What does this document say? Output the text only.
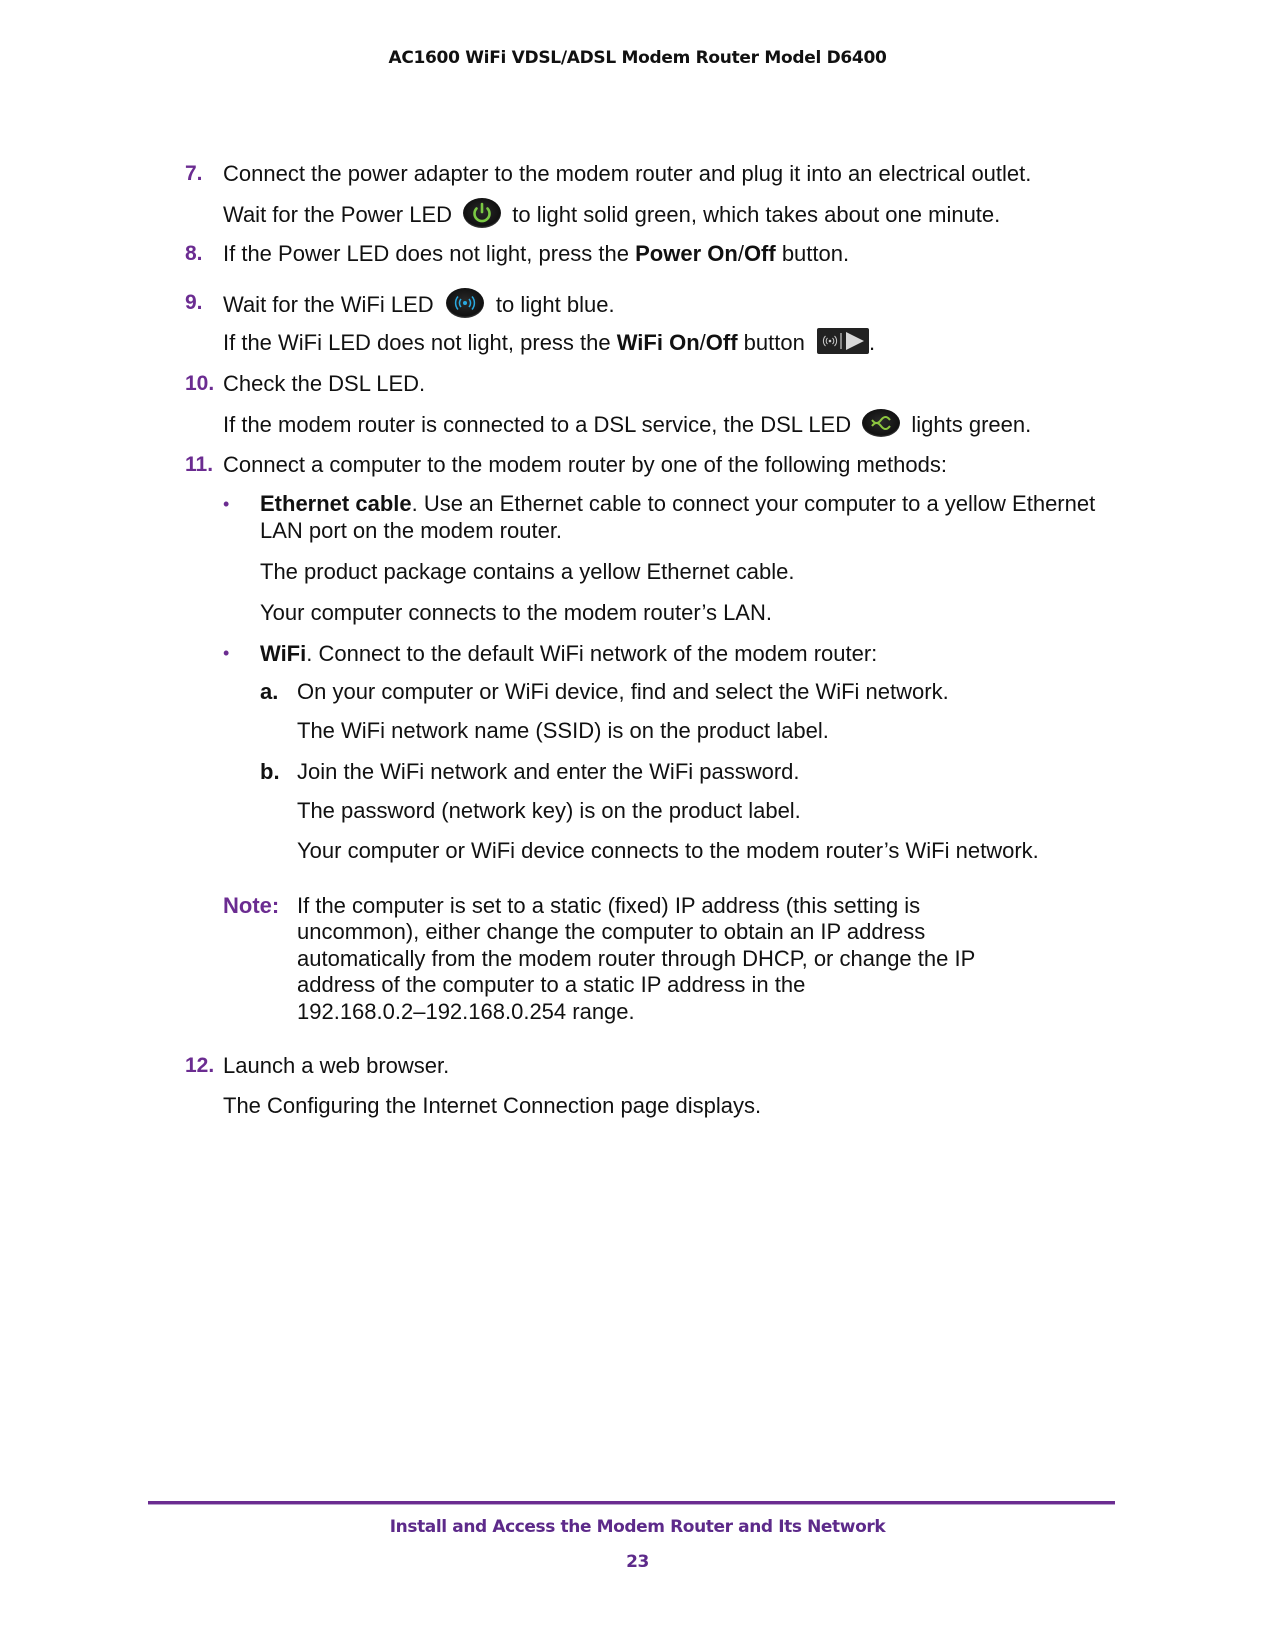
AC1600 WiFi VDSL/ADSL Modem Router Model D6400
7. Connect the power adapter to the modem router and plug it into an electrical outlet.
Wait for the Power LED	to light solid green, which takes about one minute.
8. If the Power LED does not light, press the Power On/Off button.
9. Wait for the WiFi LED	to light blue.
If the WiFi LED does not light, press the WiFi On/Off button	.
10. Check the DSL LED.
If the modem router is connected to a DSL service, the DSL LED	lights green.
11. Connect a computer to the modem router by one of the following methods:
• Ethernet cable. Use an Ethernet cable to connect your computer to a yellow Ethernet
LAN port on the modem router.
The product package contains a yellow Ethernet cable.
Your computer connects to the modem router’s LAN.
• WiFi. Connect to the default WiFi network of the modem router:
a. On your computer or WiFi device, find and select the WiFi network.
The WiFi network name (SSID) is on the product label.
b. Join the WiFi network and enter the WiFi password.
The password (network key) is on the product label.
Your computer or WiFi device connects to the modem router’s WiFi network.
Note: If the computer is set to a static (fixed) IP address (this setting is
uncommon), either change the computer to obtain an IP address
automatically from the modem router through DHCP, or change the IP
address of the computer to a static IP address in the
192.168.0.2–192.168.0.254 range.
12. Launch a web browser.
The Configuring the Internet Connection page displays.
Install and Access the Modem Router and Its Network
23
